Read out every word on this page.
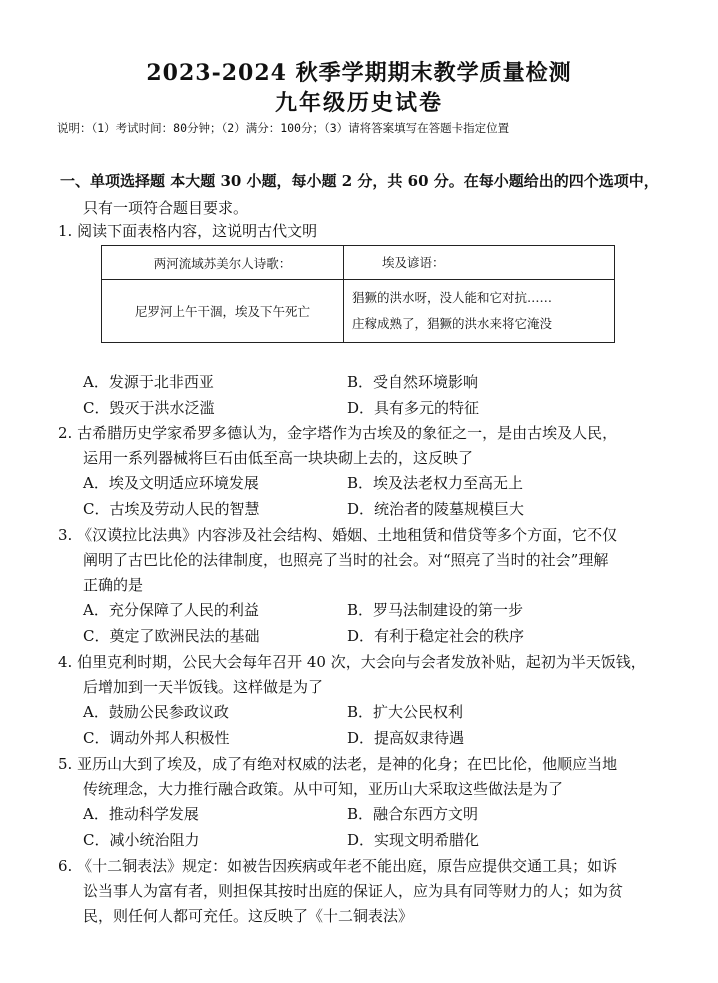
2023-2024 秋季学期期末教学质量检测
九年级历史试卷
说明：（1）考试时间：80分钟；（2）满分：100分；（3）请将答案填写在答题卡指定位置
一、单项选择题 本大题 30 小题，每小题 2 分，共 60 分。在每小题给出的四个选项中，
只有一项符合题目要求。
1. 阅读下面表格内容，这说明古代文明
两河流域苏美尔人诗歌：	埃及谚语：
尼罗河上午干涸，埃及下午死亡	猖獗的洪水呀，没人能和它对抗……
庄稼成熟了，猖獗的洪水来将它淹没
A．发源于北非西亚	B．受自然环境影响
C．毁灭于洪水泛滥	D．具有多元的特征
2. 古希腊历史学家希罗多德认为，金字塔作为古埃及的象征之一，是由古埃及人民，
运用一系列器械将巨石由低至高一块块砌上去的，这反映了
A．埃及文明适应环境发展	B．埃及法老权力至高无上
C．古埃及劳动人民的智慧	D．统治者的陵墓规模巨大
3. 《汉谟拉比法典》内容涉及社会结构、婚姻、土地租赁和借贷等多个方面，它不仅
阐明了古巴比伦的法律制度，也照亮了当时的社会。对“照亮了当时的社会”理解
正确的是
A．充分保障了人民的利益	B．罗马法制建设的第一步
C．奠定了欧洲民法的基础	D．有利于稳定社会的秩序
4. 伯里克利时期，公民大会每年召开 40 次，大会向与会者发放补贴，起初为半天饭钱，
后增加到一天半饭钱。这样做是为了
A．鼓励公民参政议政	B．扩大公民权利
C．调动外邦人积极性	D．提高奴隶待遇
5. 亚历山大到了埃及，成了有绝对权威的法老，是神的化身；在巴比伦，他顺应当地
传统理念，大力推行融合政策。从中可知，亚历山大采取这些做法是为了
A．推动科学发展	B．融合东西方文明
C．减小统治阻力	D．实现文明希腊化
6. 《十二铜表法》规定：如被告因疾病或年老不能出庭，原告应提供交通工具；如诉
讼当事人为富有者，则担保其按时出庭的保证人，应为具有同等财力的人；如为贫
民，则任何人都可充任。这反映了《十二铜表法》
